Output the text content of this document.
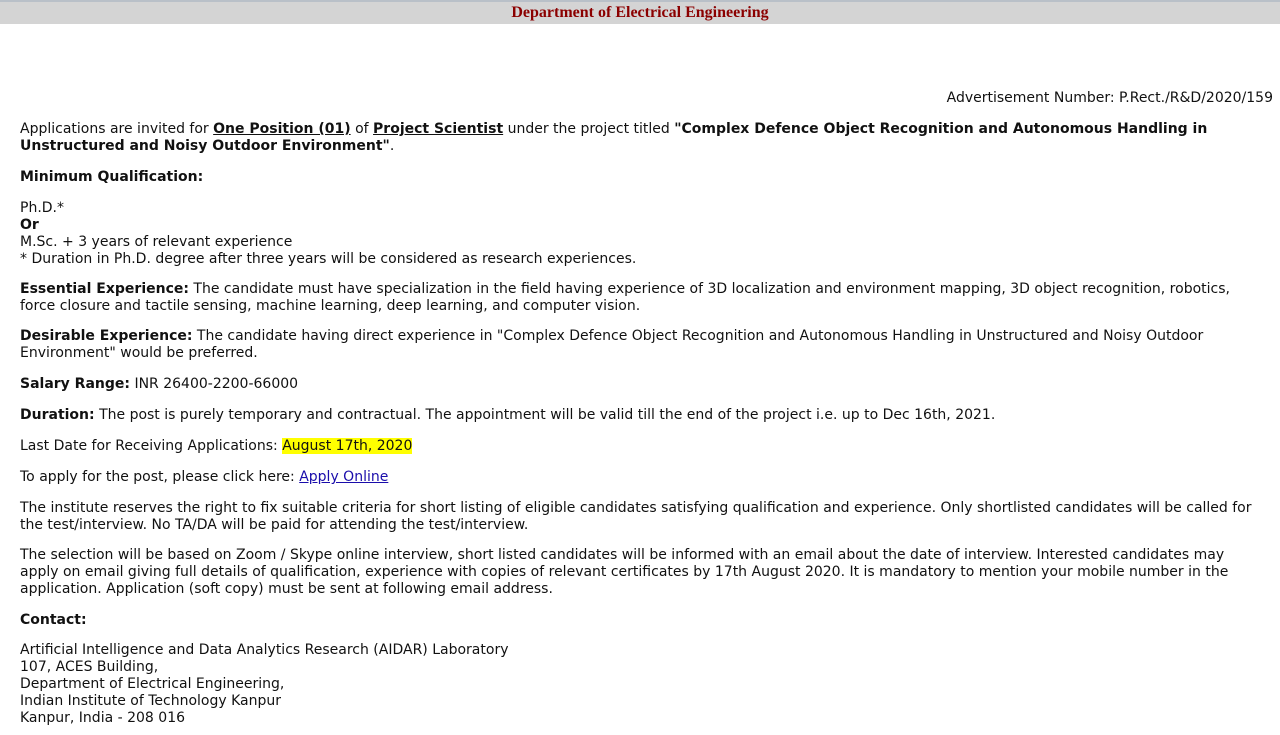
Department of Electrical Engineering
Advertisement Number: P.Rect./R&D/2020/159

Applications are invited for One Position (01) of Project Scientist under the project titled "Complex Defence Object Recognition and Autonomous Handling in Unstructured and Noisy Outdoor Environment".

Minimum Qualification:

Ph.D.*
Or
M.Sc. + 3 years of relevant experience
* Duration in Ph.D. degree after three years will be considered as research experiences.

Essential Experience: The candidate must have specialization in the field having experience of 3D localization and environment mapping, 3D object recognition, robotics, force closure and tactile sensing, machine learning, deep learning, and computer vision.

Desirable Experience: The candidate having direct experience in "Complex Defence Object Recognition and Autonomous Handling in Unstructured and Noisy Outdoor Environment" would be preferred.

Salary Range: INR 26400-2200-66000

Duration: The post is purely temporary and contractual. The appointment will be valid till the end of the project i.e. up to Dec 16th, 2021.

Last Date for Receiving Applications: August 17th, 2020

To apply for the post, please click here: Apply Online

The institute reserves the right to fix suitable criteria for short listing of eligible candidates satisfying qualification and experience. Only shortlisted candidates will be called for the test/interview. No TA/DA will be paid for attending the test/interview.

The selection will be based on Zoom / Skype online interview, short listed candidates will be informed with an email about the date of interview. Interested candidates may apply on email giving full details of qualification, experience with copies of relevant certificates by 17th August 2020. It is mandatory to mention your mobile number in the application. Application (soft copy) must be sent at following email address.

Contact:

Artificial Intelligence and Data Analytics Research (AIDAR) Laboratory
107, ACES Building,
Department of Electrical Engineering,
Indian Institute of Technology Kanpur
Kanpur, India - 208 016
